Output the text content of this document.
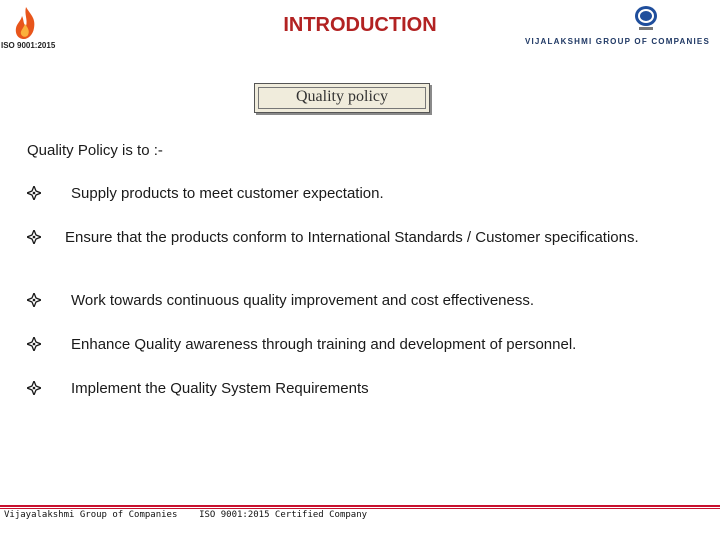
ISO 9001:2015
INTRODUCTION
VIJALAKSHMI GROUP OF COMPANIES
Quality policy
Quality Policy is to :-
Supply products to meet customer expectation.
Ensure that the products conform to International Standards / Customer specifications.
Work towards continuous quality improvement and cost effectiveness.
Enhance Quality awareness through training and development of personnel.
Implement the Quality System Requirements
Vijayalakshmi Group of Companies ISO 9001:2015 Certified Company
